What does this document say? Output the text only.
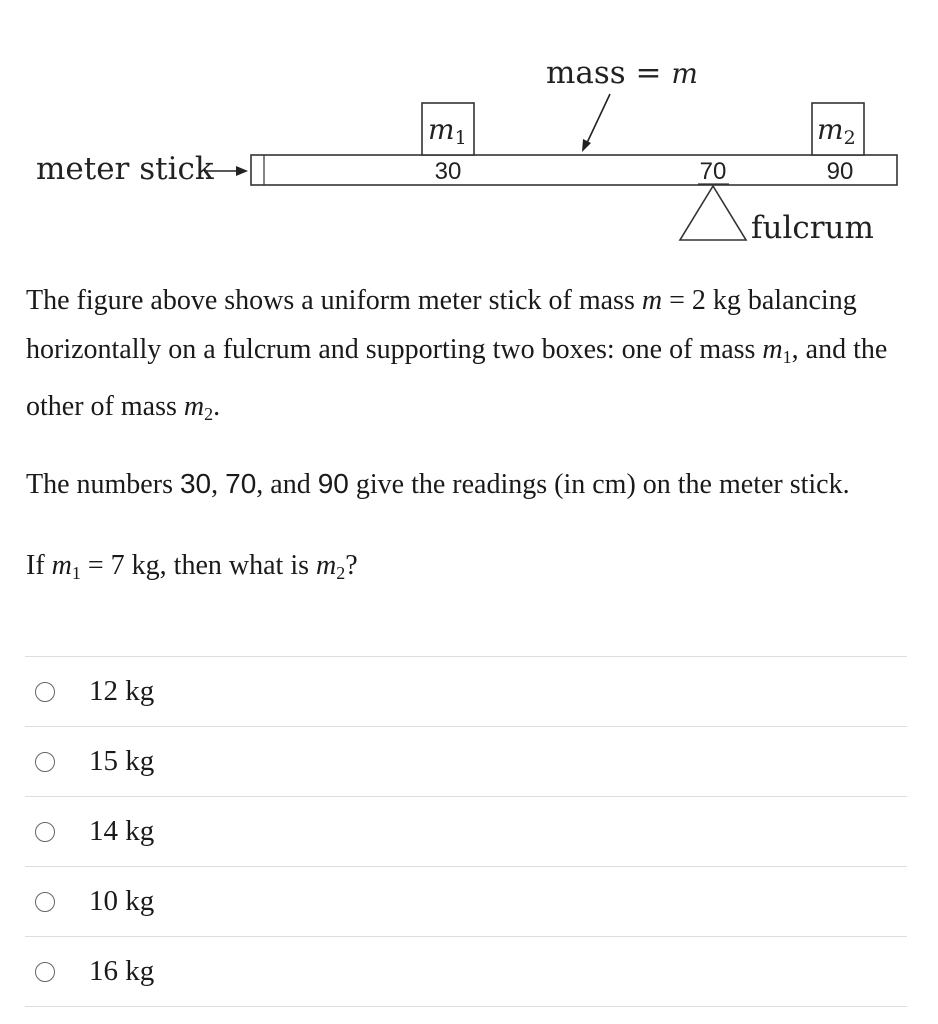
mass = m
meter stick
m1	m2
30	70	90
fulcrum

The figure above shows a uniform meter stick of mass m = 2 kg balancing horizontally on a fulcrum and supporting two boxes: one of mass $m_1$, and the other of mass $m_2$.

The numbers 30, 70, and 90 give the readings (in cm) on the meter stick.

If $m_1 = 7$ kg, then what is $m_2$?

12 kg
15 kg
14 kg
10 kg
16 kg
